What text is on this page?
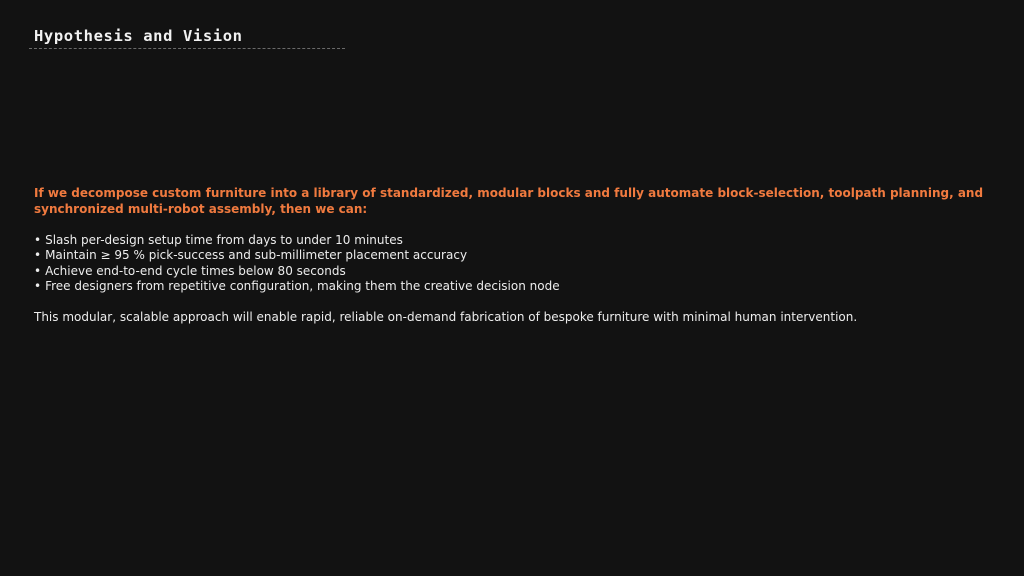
Hypothesis and Vision

If we decompose custom furniture into a library of standardized, modular blocks and fully automate block-selection, toolpath planning, and synchronized multi-robot assembly, then we can:

• Slash per-design setup time from days to under 10 minutes
• Maintain ≥ 95 % pick-success and sub-millimeter placement accuracy
• Achieve end-to-end cycle times below 80 seconds
• Free designers from repetitive configuration, making them the creative decision node

This modular, scalable approach will enable rapid, reliable on-demand fabrication of bespoke furniture with minimal human intervention.
